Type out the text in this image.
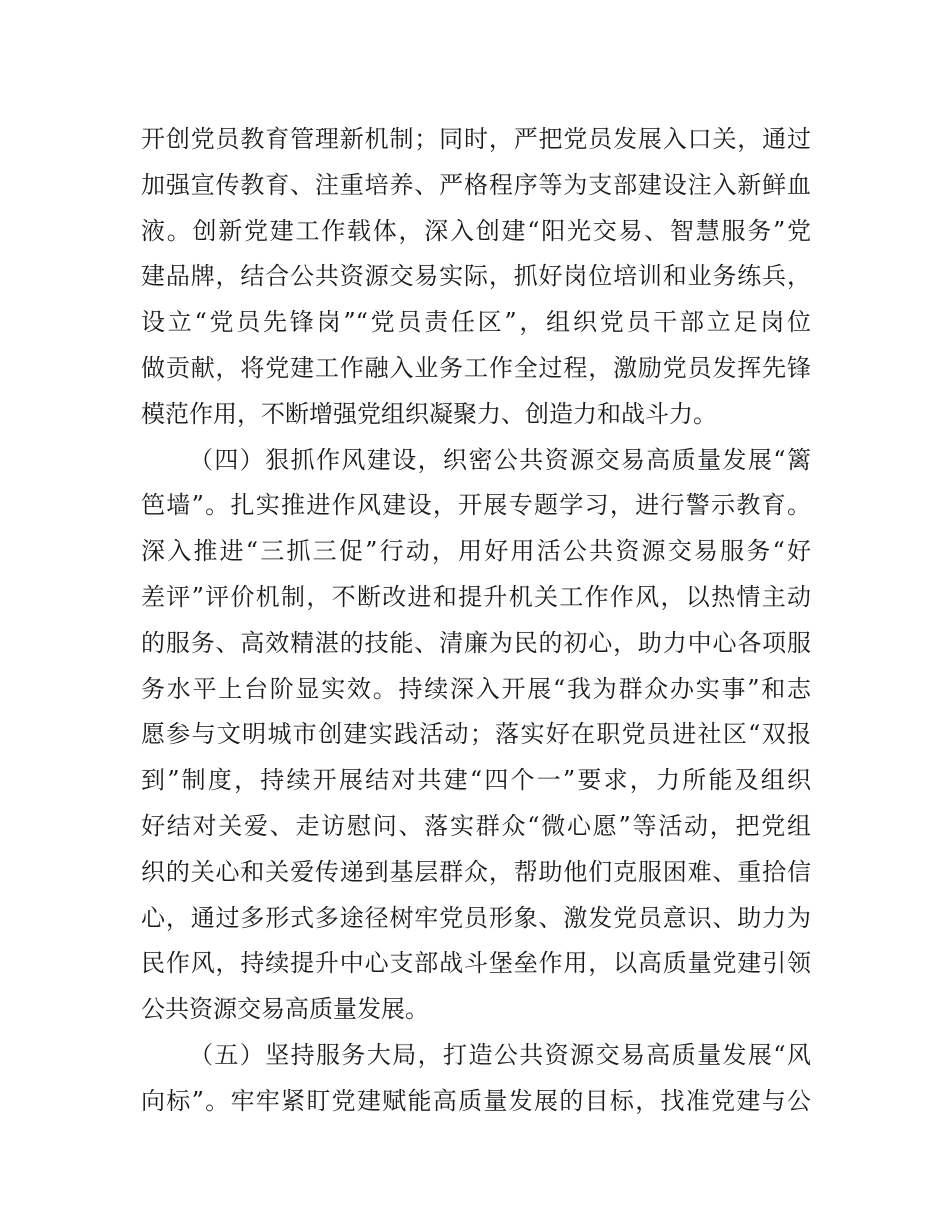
开创党员教育管理新机制；同时，严把党员发展入口关，通过
加强宣传教育、注重培养、严格程序等为支部建设注入新鲜血
液。创新党建工作载体，深入创建“阳光交易、智慧服务”党
建品牌，结合公共资源交易实际，抓好岗位培训和业务练兵，
设立“党员先锋岗”“党员责任区”，组织党员干部立足岗位
做贡献，将党建工作融入业务工作全过程，激励党员发挥先锋
模范作用，不断增强党组织凝聚力、创造力和战斗力。
（四）狠抓作风建设，织密公共资源交易高质量发展“篱
笆墙”。扎实推进作风建设，开展专题学习，进行警示教育。
深入推进“三抓三促”行动，用好用活公共资源交易服务“好
差评”评价机制，不断改进和提升机关工作作风，以热情主动
的服务、高效精湛的技能、清廉为民的初心，助力中心各项服
务水平上台阶显实效。持续深入开展“我为群众办实事”和志
愿参与文明城市创建实践活动；落实好在职党员进社区“双报
到”制度，持续开展结对共建“四个一”要求，力所能及组织
好结对关爱、走访慰问、落实群众“微心愿”等活动，把党组
织的关心和关爱传递到基层群众，帮助他们克服困难、重拾信
心，通过多形式多途径树牢党员形象、激发党员意识、助力为
民作风，持续提升中心支部战斗堡垒作用，以高质量党建引领
公共资源交易高质量发展。
（五）坚持服务大局，打造公共资源交易高质量发展“风
向标”。牢牢紧盯党建赋能高质量发展的目标，找准党建与公
